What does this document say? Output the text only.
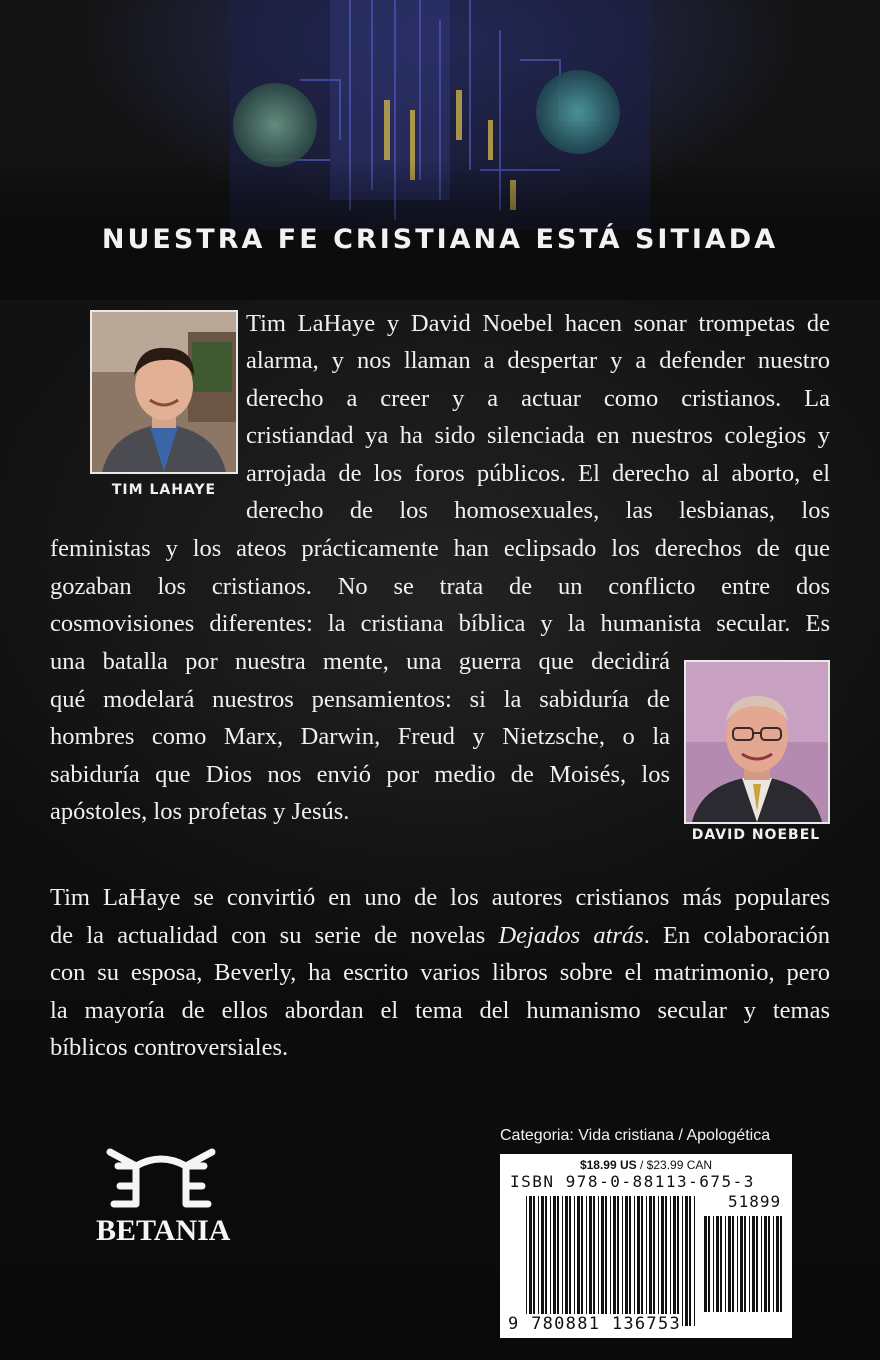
NUESTRA FE CRISTIANA ESTÁ SITIADA

TIM LAHAYE

DAVID NOEBEL

Tim LaHaye y David Noebel hacen sonar trompetas de

alarma, y nos llaman a despertar y a defender nuestro

derecho a creer y a actuar como cristianos. La

cristiandad ya ha sido silenciada en nuestros colegios y

arrojada de los foros públicos. El derecho al aborto, el

derecho de los homosexuales, las lesbianas, los

feministas y los ateos prácticamente han eclipsado los derechos de que

gozaban los cristianos. No se trata de un conflicto entre dos

cosmovisiones diferentes: la cristiana bíblica y la humanista secular. Es

una batalla por nuestra mente, una guerra que decidirá

qué modelará nuestros pensamientos: si la sabiduría de

hombres como Marx, Darwin, Freud y Nietzsche, o la

sabiduría que Dios nos envió por medio de Moisés, los

apóstoles, los profetas y Jesús.

Tim LaHaye se convirtió en uno de los autores cristianos más populares

de la actualidad con su serie de novelas Dejados atrás. En colaboración

con su esposa, Beverly, ha escrito varios libros sobre el matrimonio, pero

la mayoría de ellos abordan el tema del humanismo secular y temas

bíblicos controversiales.

BETANIA

Categoria: Vida cristiana / Apologética

$18.99 US / $23.99 CAN
ISBN 978-0-88113-675-3
51899
9 780881 136753
